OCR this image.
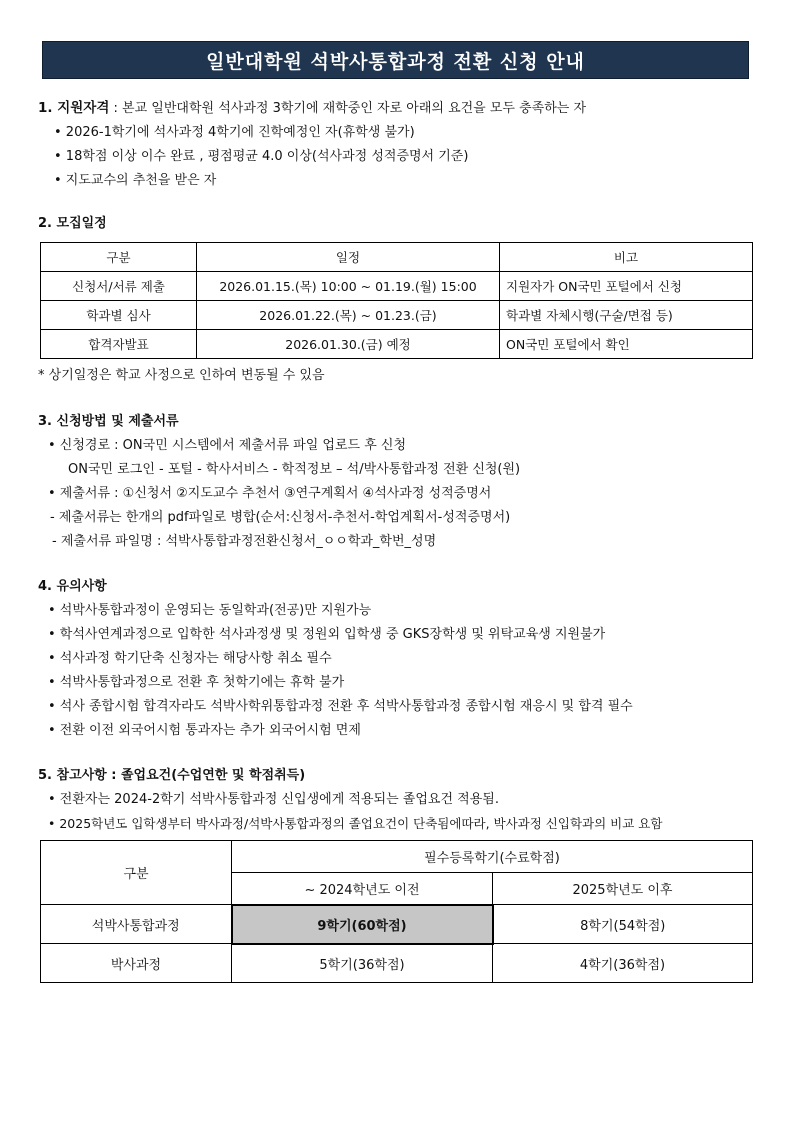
일반대학원 석박사통합과정 전환 신청 안내
1. 지원자격 : 본교 일반대학원 석사과정 3학기에 재학중인 자로 아래의 요건을 모두 충족하는 자
• 2026-1학기에 석사과정 4학기에 진학예정인 자(휴학생 불가)
• 18학점 이상 이수 완료 , 평점평균 4.0 이상(석사과정 성적증명서 기준)
• 지도교수의 추천을 받은 자
2. 모집일정
구분	일정	비고
신청서/서류 제출	2026.01.15.(목) 10:00 ~ 01.19.(월) 15:00	지원자가 ON국민 포털에서 신청
학과별 심사	2026.01.22.(목) ~ 01.23.(금)	학과별 자체시행(구술/면접 등)
합격자발표	2026.01.30.(금) 예정	ON국민 포털에서 확인
* 상기일정은 학교 사정으로 인하여 변동될 수 있음
3. 신청방법 및 제출서류
• 신청경로 : ON국민 시스템에서 제출서류 파일 업로드 후 신청
ON국민 로그인 - 포털 - 학사서비스 - 학적정보 – 석/박사통합과정 전환 신청(원)
• 제출서류 : ①신청서 ②지도교수 추천서 ③연구계획서 ④석사과정 성적증명서
- 제출서류는 한개의 pdf파일로 병합(순서:신청서-추천서-학업계획서-성적증명서)
- 제출서류 파일명 : 석박사통합과정전환신청서_ㅇㅇ학과_학번_성명
4. 유의사항
• 석박사통합과정이 운영되는 동일학과(전공)만 지원가능
• 학석사연계과정으로 입학한 석사과정생 및 정원외 입학생 중 GKS장학생 및 위탁교육생 지원불가
• 석사과정 학기단축 신청자는 해당사항 취소 필수
• 석박사통합과정으로 전환 후 첫학기에는 휴학 불가
• 석사 종합시험 합격자라도 석박사학위통합과정 전환 후 석박사통합과정 종합시험 재응시 및 합격 필수
• 전환 이전 외국어시험 통과자는 추가 외국어시험 면제
5. 참고사항 : 졸업요건(수업연한 및 학점취득)
• 전환자는 2024-2학기 석박사통합과정 신입생에게 적용되는 졸업요건 적용됨.
• 2025학년도 입학생부터 박사과정/석박사통합과정의 졸업요건이 단축됨에따라, 박사과정 신입학과의 비교 요함
구분	필수등록학기(수료학점)	
	~ 2024학년도 이전	2025학년도 이후
석박사통합과정	9학기(60학점)	8학기(54학점)
박사과정	5학기(36학점)	4학기(36학점)
